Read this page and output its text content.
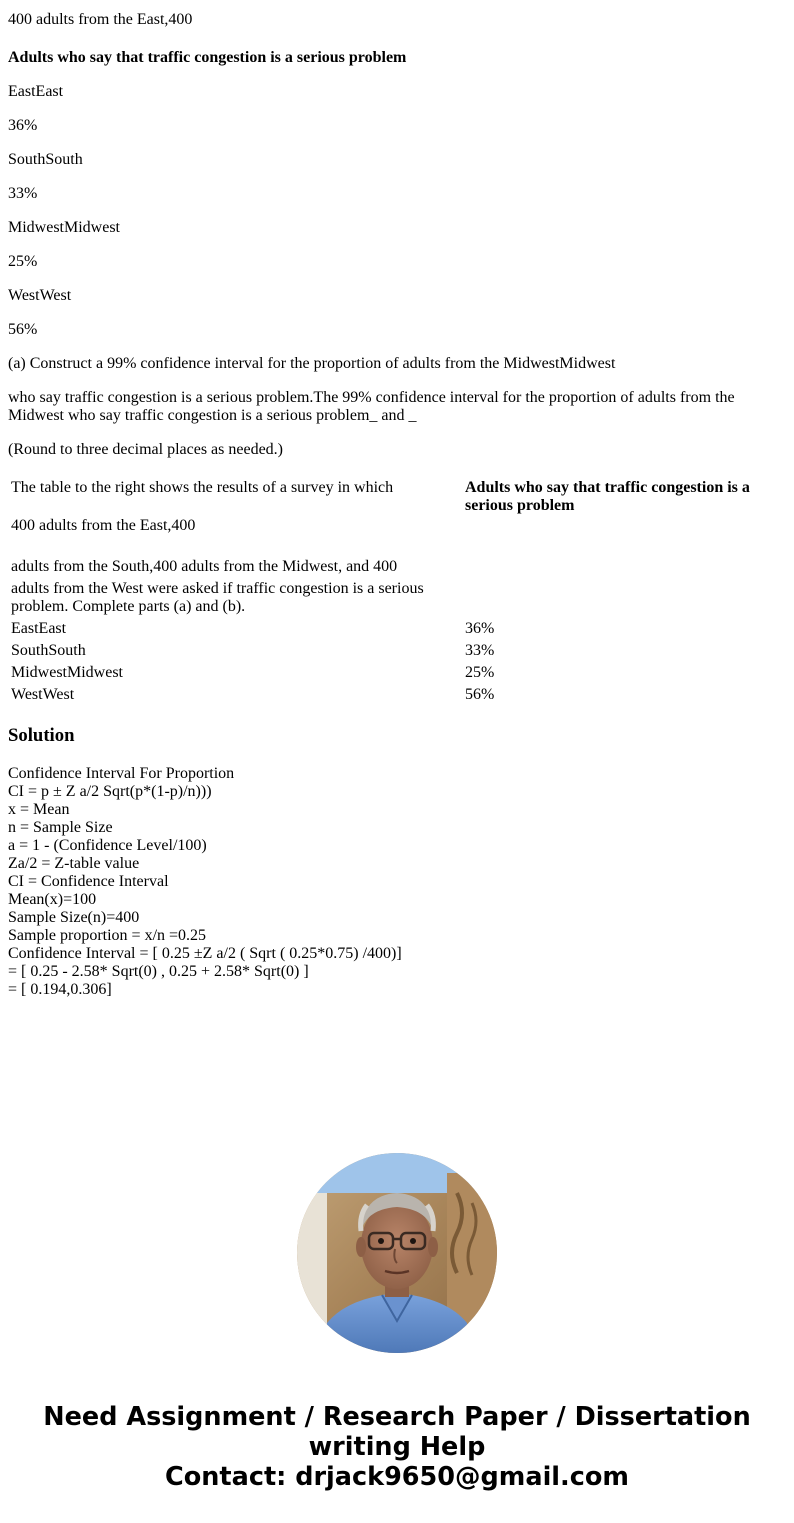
400 adults from the East,400
Adults who say that traffic congestion is a serious problem
EastEast
36%
SouthSouth
33%
MidwestMidwest
25%
WestWest
56%
(a) Construct a 99% confidence interval for the proportion of adults from the MidwestMidwest
who say traffic congestion is a serious problem.The 99% confidence interval for the proportion of adults from the Midwest who say traffic congestion is a serious problem_ and _
(Round to three decimal places as needed.)
The table to the right shows the results of a survey in which
400 adults from the East,400
adults from the South,400 adults from the Midwest, and 400
adults from the West were asked if traffic congestion is a serious problem. Complete parts (a) and (b).
Adults who say that traffic congestion is a serious problem
EastEast	36%
SouthSouth	33%
MidwestMidwest	25%
WestWest	56%
Solution
Confidence Interval For Proportion
CI = p ± Z a/2 Sqrt(p*(1-p)/n)))
x = Mean
n = Sample Size
a = 1 - (Confidence Level/100)
Za/2 = Z-table value
CI = Confidence Interval
Mean(x)=100
Sample Size(n)=400
Sample proportion = x/n =0.25
Confidence Interval = [ 0.25 ±Z a/2 ( Sqrt ( 0.25*0.75) /400)]
= [ 0.25 - 2.58* Sqrt(0) , 0.25 + 2.58* Sqrt(0) ]
= [ 0.194,0.306]
Need Assignment / Research Paper / Dissertation
writing Help
Contact: drjack9650@gmail.com
